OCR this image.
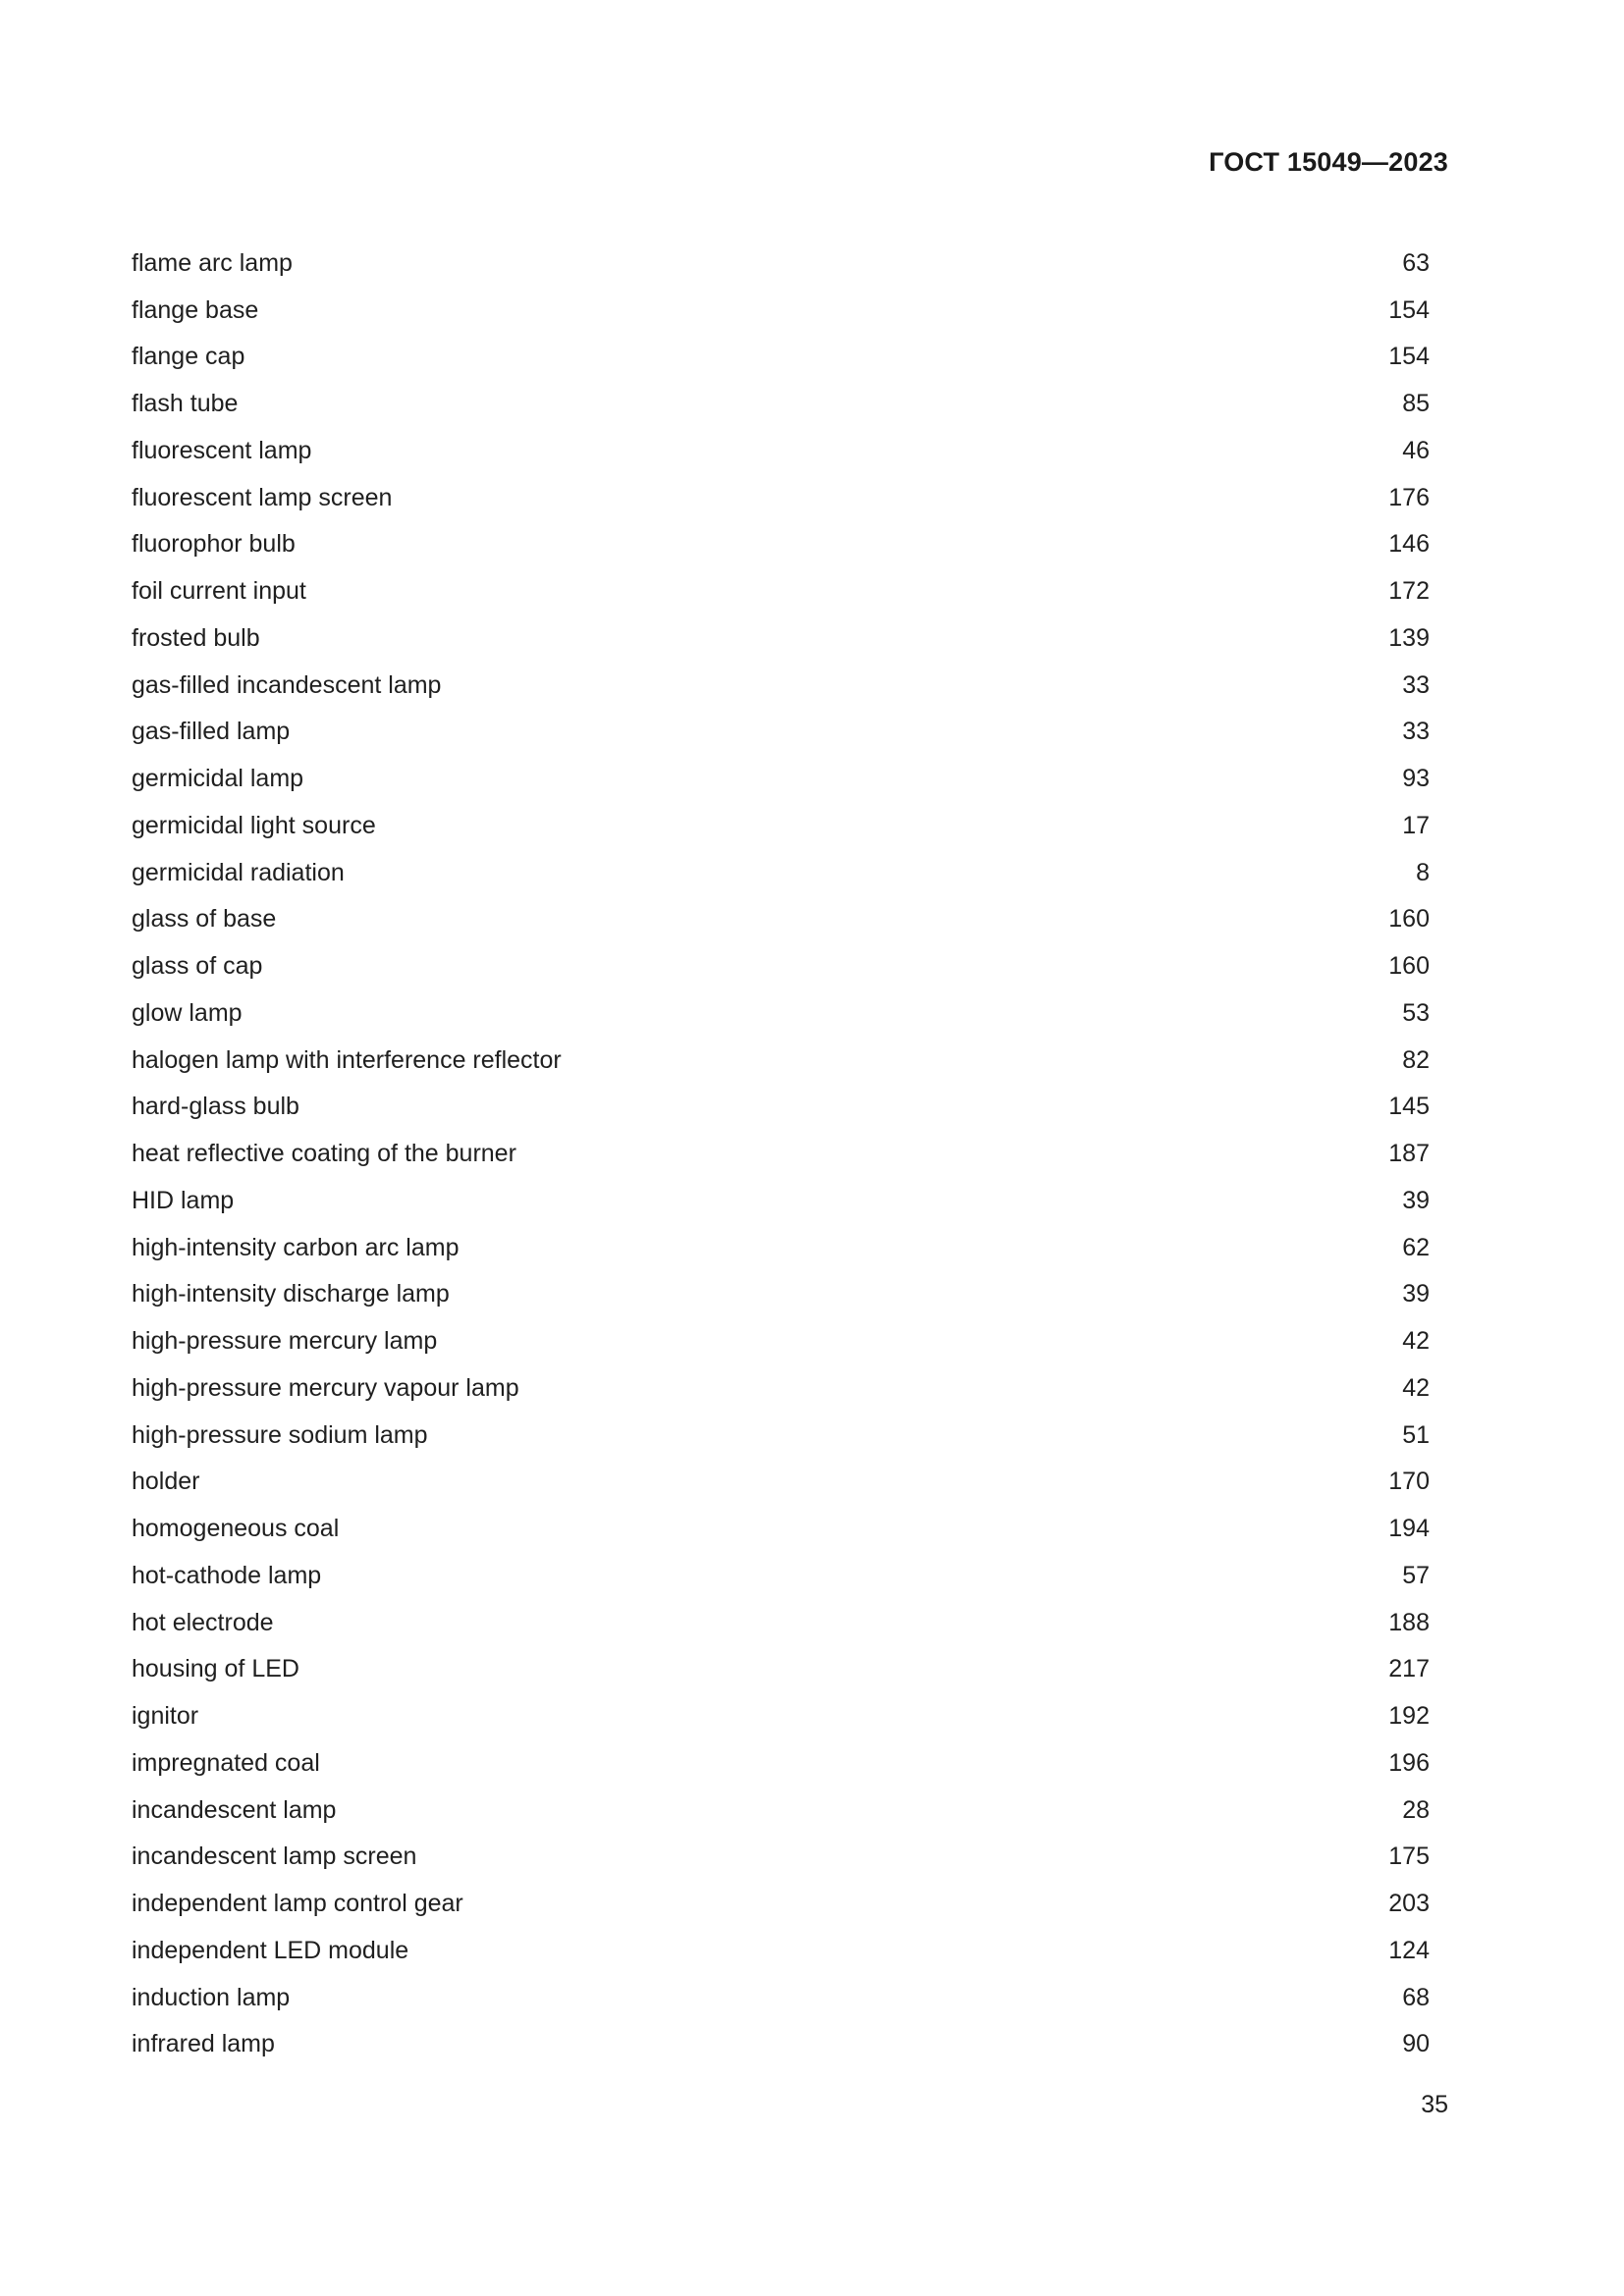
ГОСТ 15049—2023
flame arc lamp	63
flange base	154
flange cap	154
flash tube	85
fluorescent lamp	46
fluorescent lamp screen	176
fluorophor bulb	146
foil current input	172
frosted bulb	139
gas-filled incandescent lamp	33
gas-filled lamp	33
germicidal lamp	93
germicidal light source	17
germicidal radiation	8
glass of base	160
glass of cap	160
glow lamp	53
halogen lamp with interference reflector	82
hard-glass bulb	145
heat reflective coating of the burner	187
HID lamp	39
high-intensity carbon arc lamp	62
high-intensity discharge lamp	39
high-pressure mercury lamp	42
high-pressure mercury vapour lamp	42
high-pressure sodium lamp	51
holder	170
homogeneous coal	194
hot-cathode lamp	57
hot electrode	188
housing of LED	217
ignitor	192
impregnated coal	196
incandescent lamp	28
incandescent lamp screen	175
independent lamp control gear	203
independent LED module	124
induction lamp	68
infrared lamp	90
35
